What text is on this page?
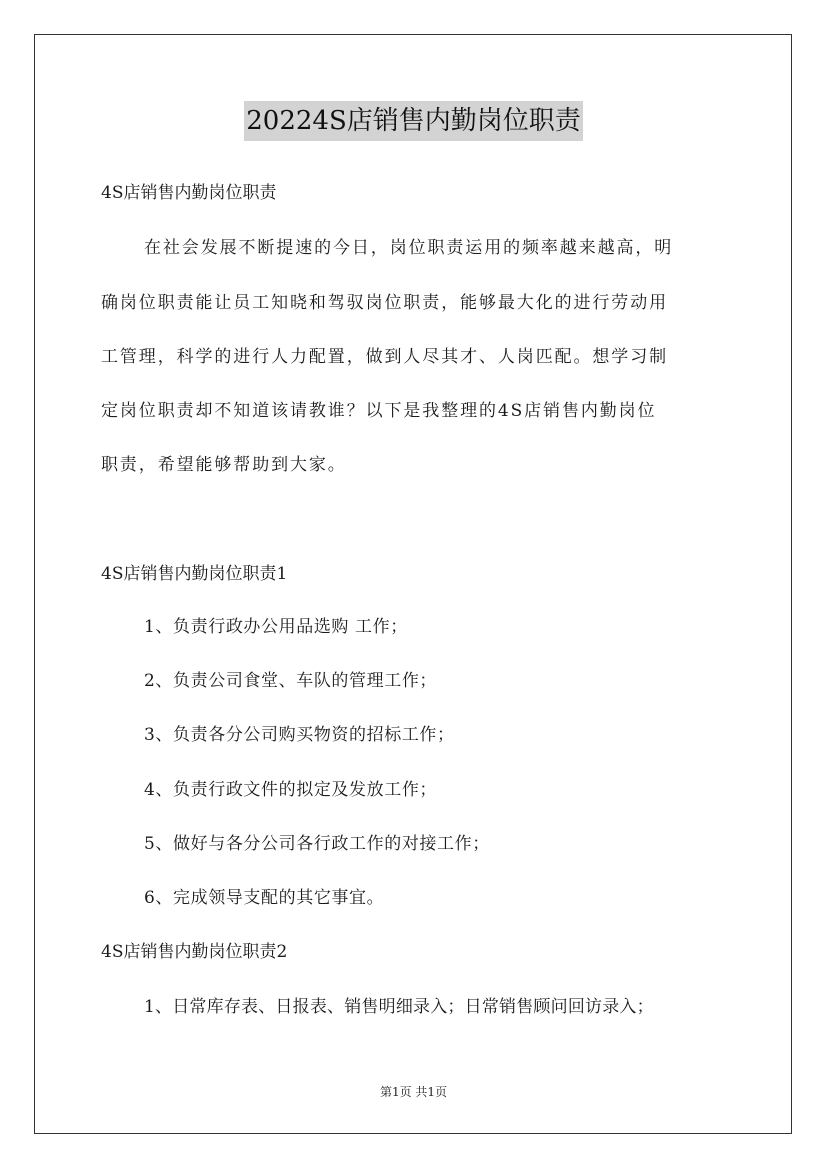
20224S店销售内勤岗位职责
4S店销售内勤岗位职责
在社会发展不断提速的今日，岗位职责运用的频率越来越高，明
确岗位职责能让员工知晓和驾驭岗位职责，能够最大化的进行劳动用
工管理，科学的进行人力配置，做到人尽其才、人岗匹配。想学习制
定岗位职责却不知道该请教谁？以下是我整理的4S店销售内勤岗位
职责，希望能够帮助到大家。
4S店销售内勤岗位职责1
1、负责行政办公用品选购 工作；
2、负责公司食堂、车队的管理工作；
3、负责各分公司购买物资的招标工作；
4、负责行政文件的拟定及发放工作；
5、做好与各分公司各行政工作的对接工作；
6、完成领导支配的其它事宜。
4S店销售内勤岗位职责2
1、日常库存表、日报表、销售明细录入；日常销售顾问回访录入；
第1页 共1页
